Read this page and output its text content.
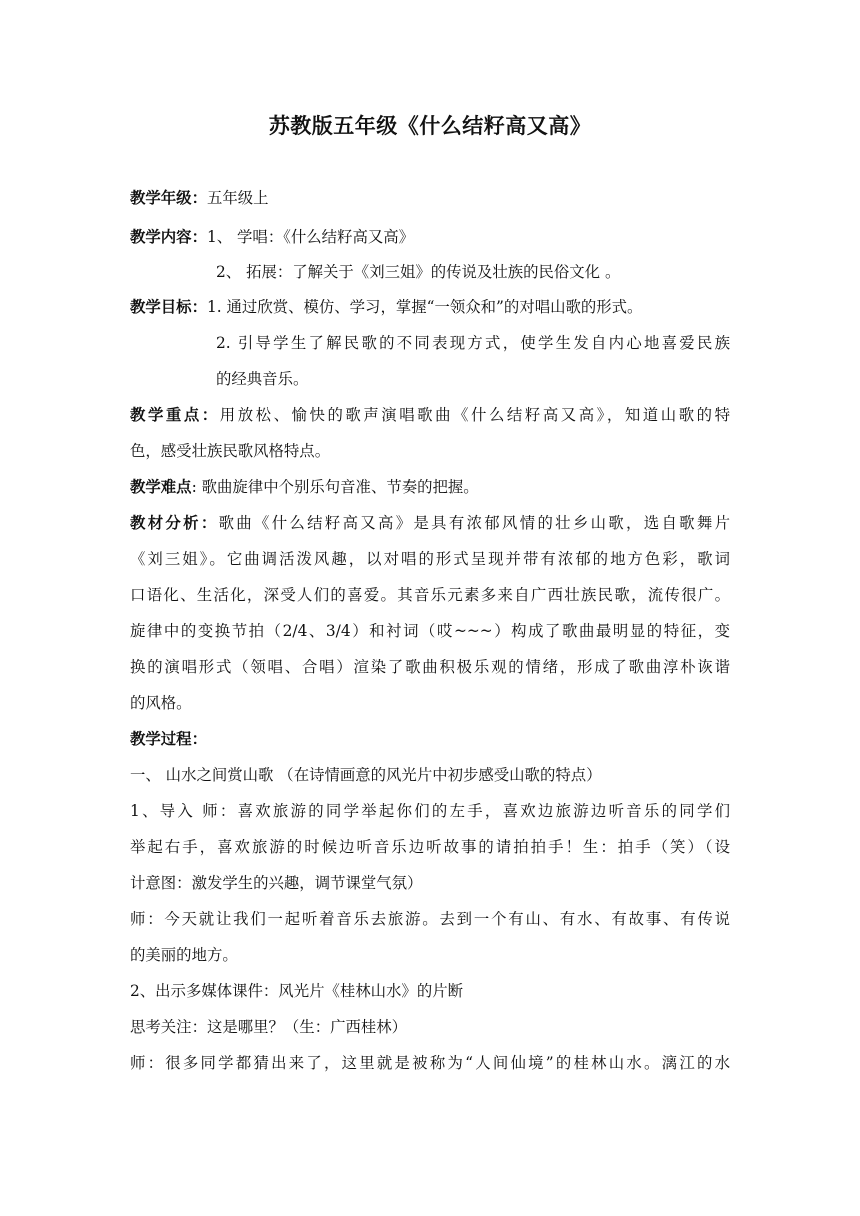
苏教版五年级《什么结籽高又高》
教学年级：五年级上
教学内容：1、 学唱：《什么结籽高又高》
2、 拓展：了解关于《刘三姐》的传说及壮族的民俗文化 。
教学目标：1. 通过欣赏、模仿、学习，掌握“一领众和”的对唱山歌的形式。
2. 引导学生了解民歌的不同表现方式，使学生发自内心地喜爱民族
的经典音乐。
教学重点：用放松、愉快的歌声演唱歌曲《什么结籽高又高》，知道山歌的特
色，感受壮族民歌风格特点。
教学难点: 歌曲旋律中个别乐句音准、节奏的把握。
教材分析：歌曲《什么结籽高又高》是具有浓郁风情的壮乡山歌，选自歌舞片
《刘三姐》。它曲调活泼风趣，以对唱的形式呈现并带有浓郁的地方色彩，歌词
口语化、生活化，深受人们的喜爱。其音乐元素多来自广西壮族民歌，流传很广。
旋律中的变换节拍（2/4、3/4）和衬词（哎~~~）构成了歌曲最明显的特征，变
换的演唱形式（领唱、合唱）渲染了歌曲积极乐观的情绪，形成了歌曲淳朴诙谐
的风格。
教学过程：
一、 山水之间赏山歌 （在诗情画意的风光片中初步感受山歌的特点）
1、导入 师：喜欢旅游的同学举起你们的左手，喜欢边旅游边听音乐的同学们
举起右手，喜欢旅游的时候边听音乐边听故事的请拍拍手！生：拍手（笑）（设
计意图：激发学生的兴趣，调节课堂气氛）
师：今天就让我们一起听着音乐去旅游。去到一个有山、有水、有故事、有传说
的美丽的地方。
2、出示多媒体课件：风光片《桂林山水》的片断
思考关注：这是哪里？（生：广西桂林）
师：很多同学都猜出来了，这里就是被称为“人间仙境”的桂林山水。漓江的水
